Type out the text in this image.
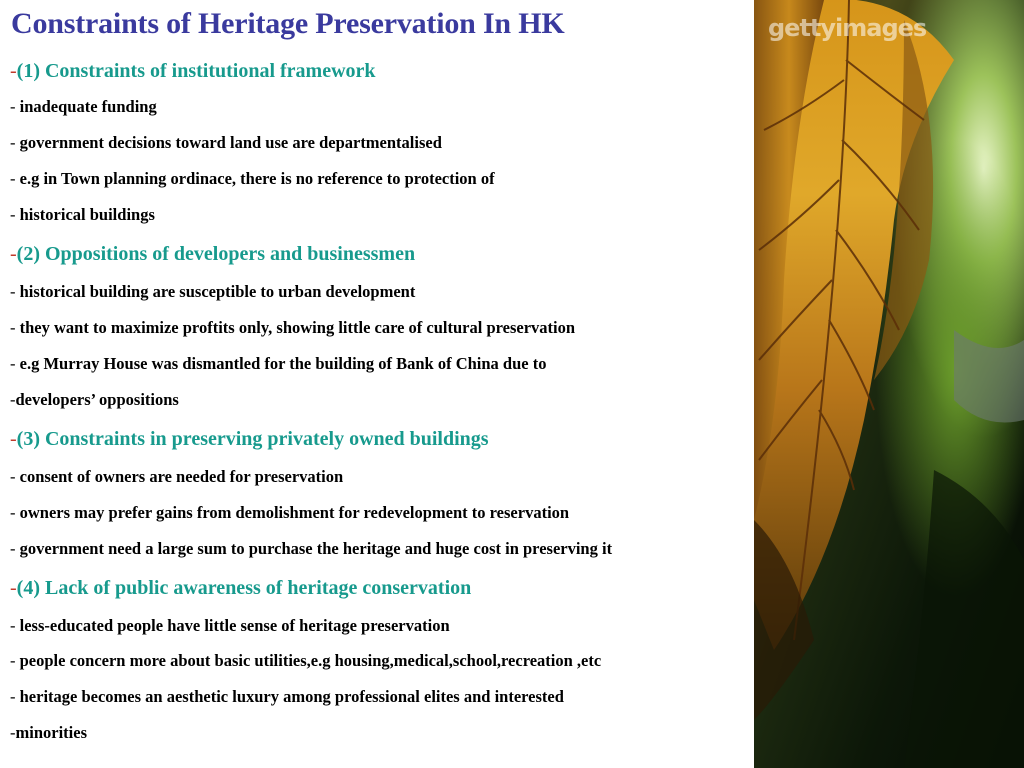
Constraints of Heritage Preservation In HK
-(1) Constraints of institutional framework
- inadequate funding
- government decisions toward land use are departmentalised
- e.g in Town planning ordinace, there is no reference to protection of
- historical buildings
-(2) Oppositions of developers and businessmen
- historical building are susceptible to urban development
- they want to maximize proftits only, showing little care of cultural preservation
- e.g Murray House was dismantled for the building of Bank of China due to
-developers’ oppositions
-(3) Constraints in preserving privately owned buildings
- consent of owners are needed for preservation
- owners may prefer gains from demolishment for redevelopment to reservation
- government need a large sum to purchase the heritage and huge cost in preserving it
-(4) Lack of public awareness of heritage conservation
- less-educated people have little sense of heritage preservation
- people concern more about basic utilities,e.g housing,medical,school,recreation ,etc
- heritage becomes an aesthetic luxury among professional elites and interested
-minorities
gettyimages
